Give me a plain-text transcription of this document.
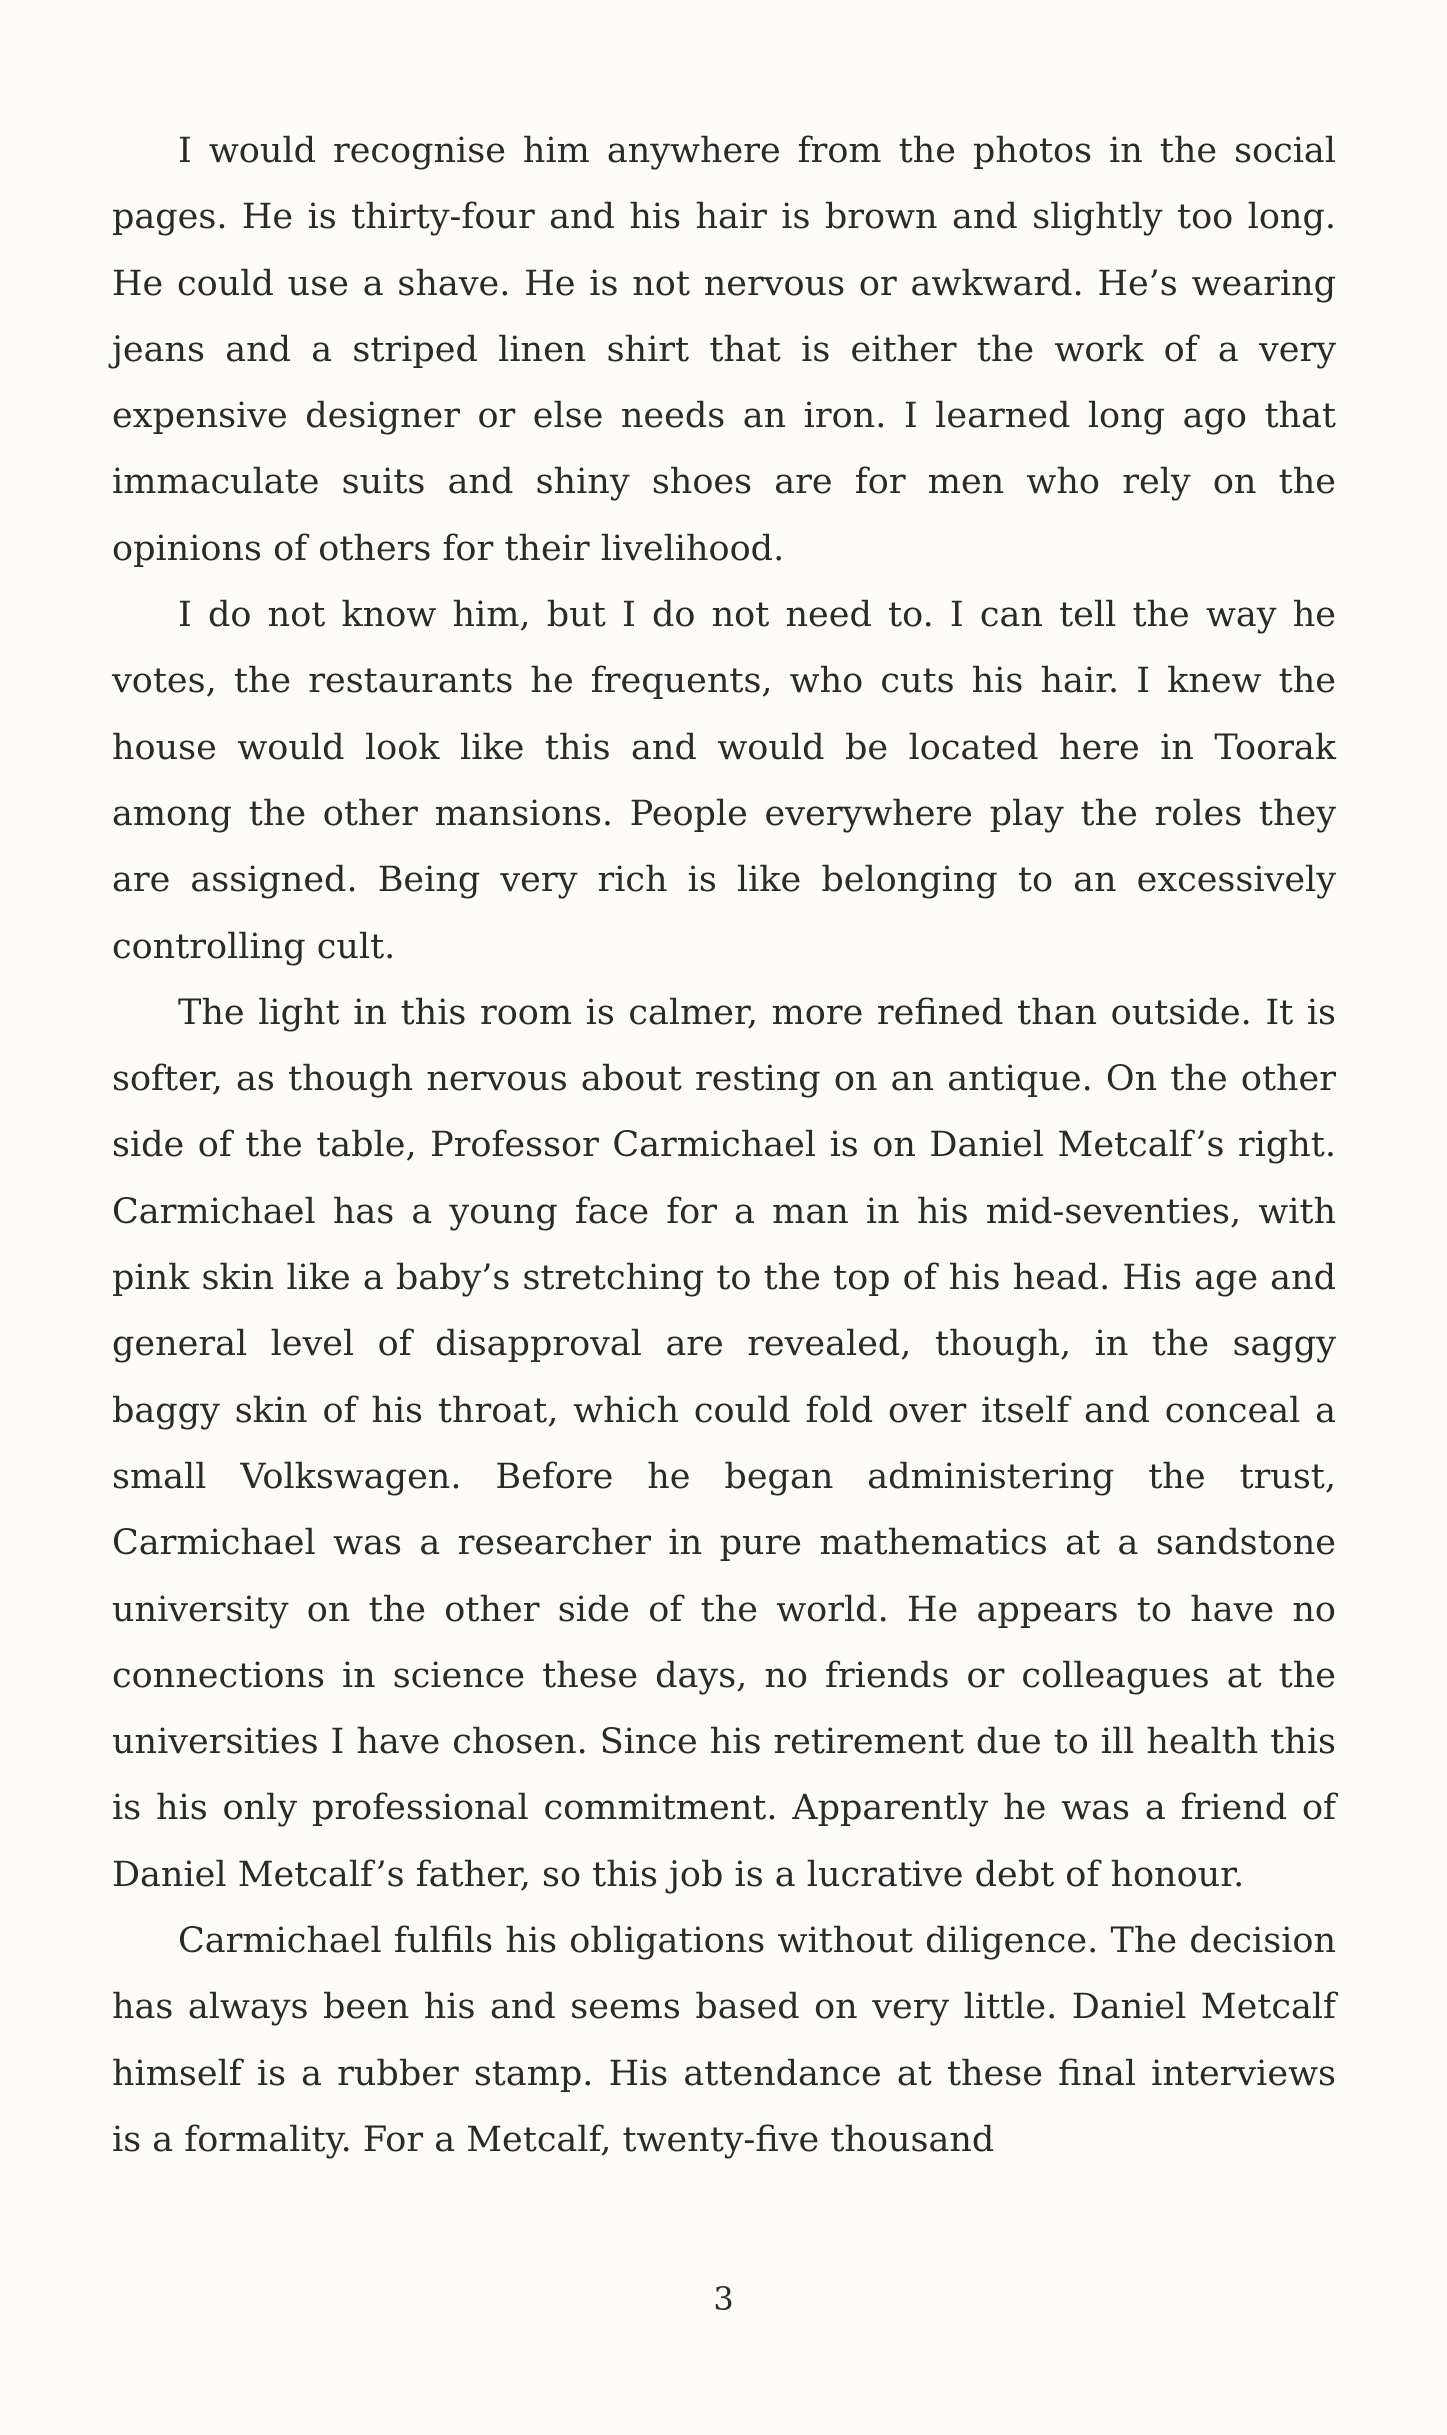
I would recognise him anywhere from the photos in the social pages. He is thirty-four and his hair is brown and slightly too long. He could use a shave. He is not nervous or awkward. He’s wearing jeans and a striped linen shirt that is either the work of a very expensive designer or else needs an iron. I learned long ago that immaculate suits and shiny shoes are for men who rely on the opinions of others for their livelihood.

I do not know him, but I do not need to. I can tell the way he votes, the restaurants he frequents, who cuts his hair. I knew the house would look like this and would be located here in Toorak among the other mansions. People everywhere play the roles they are assigned. Being very rich is like belonging to an excessively controlling cult.

The light in this room is calmer, more refined than outside. It is softer, as though nervous about resting on an antique. On the other side of the table, Professor Carmichael is on Daniel Metcalf’s right. Carmichael has a young face for a man in his mid-seventies, with pink skin like a baby’s stretching to the top of his head. His age and general level of disapproval are revealed, though, in the saggy baggy skin of his throat, which could fold over itself and conceal a small Volkswagen. Before he began administering the trust, Carmichael was a researcher in pure mathematics at a sandstone university on the other side of the world. He appears to have no connections in science these days, no friends or colleagues at the universities I have chosen. Since his retirement due to ill health this is his only professional commitment. Apparently he was a friend of Daniel Metcalf’s father, so this job is a lucrative debt of honour.

Carmichael fulfils his obligations without diligence. The decision has always been his and seems based on very little. Daniel Metcalf himself is a rubber stamp. His attendance at these final interviews is a formality. For a Metcalf, twenty-five thousand

3
